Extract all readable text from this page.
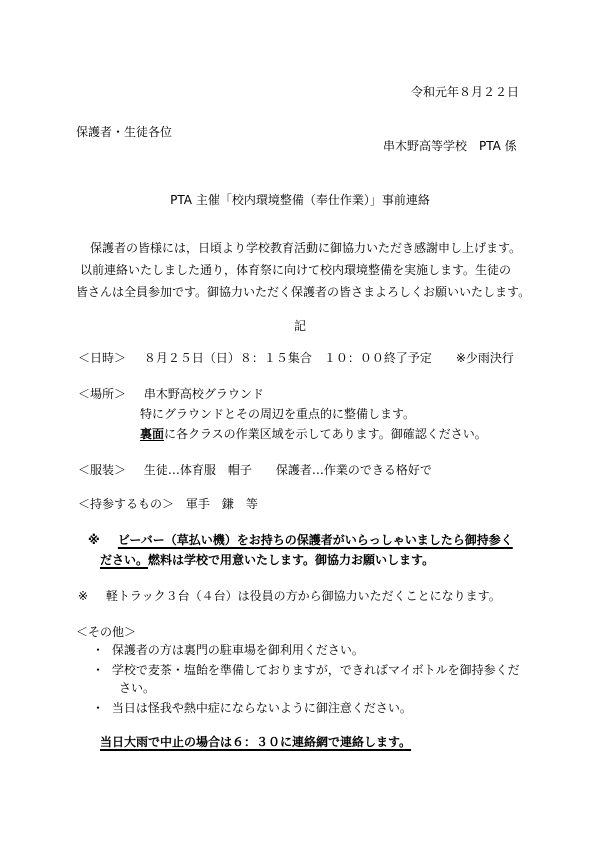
令和元年８月２２日
保護者・生徒各位
串木野高等学校　PTA 係
PTA 主催「校内環境整備（奉仕作業）」事前連絡
保護者の皆様には，日頃より学校教育活動に御協力いただき感謝申し上げます。
以前連絡いたしました通り，体育祭に向けて校内環境整備を実施します。生徒の
皆さんは全員参加です。御協力いただく保護者の皆さまよろしくお願いいたします。
記
＜日時＞ ８月２５日（日）８：１５集合　１０：００終了予定　　※少雨決行
＜場所＞ 串木野高校グラウンド
特にグラウンドとその周辺を重点的に整備します。
裏面に各クラスの作業区域を示してあります。御確認ください。
＜服装＞ 生徒…体育服　帽子　　保護者…作業のできる格好で
＜持参するもの＞ 軍手　鎌　等
※ ビーバー（草払い機）をお持ちの保護者がいらっしゃいましたら御持参く
ださい。燃料は学校で用意いたします。御協力お願いします。
※ 軽トラック３台（４台）は役員の方から御協力いただくことになります。
＜その他＞
・ 保護者の方は裏門の駐車場を御利用ください。
・ 学校で麦茶・塩飴を準備しておりますが，できればマイボトルを御持参くだ
さい。
・ 当日は怪我や熱中症にならないように御注意ください。
当日大雨で中止の場合は６：３０に連絡網で連絡します。
